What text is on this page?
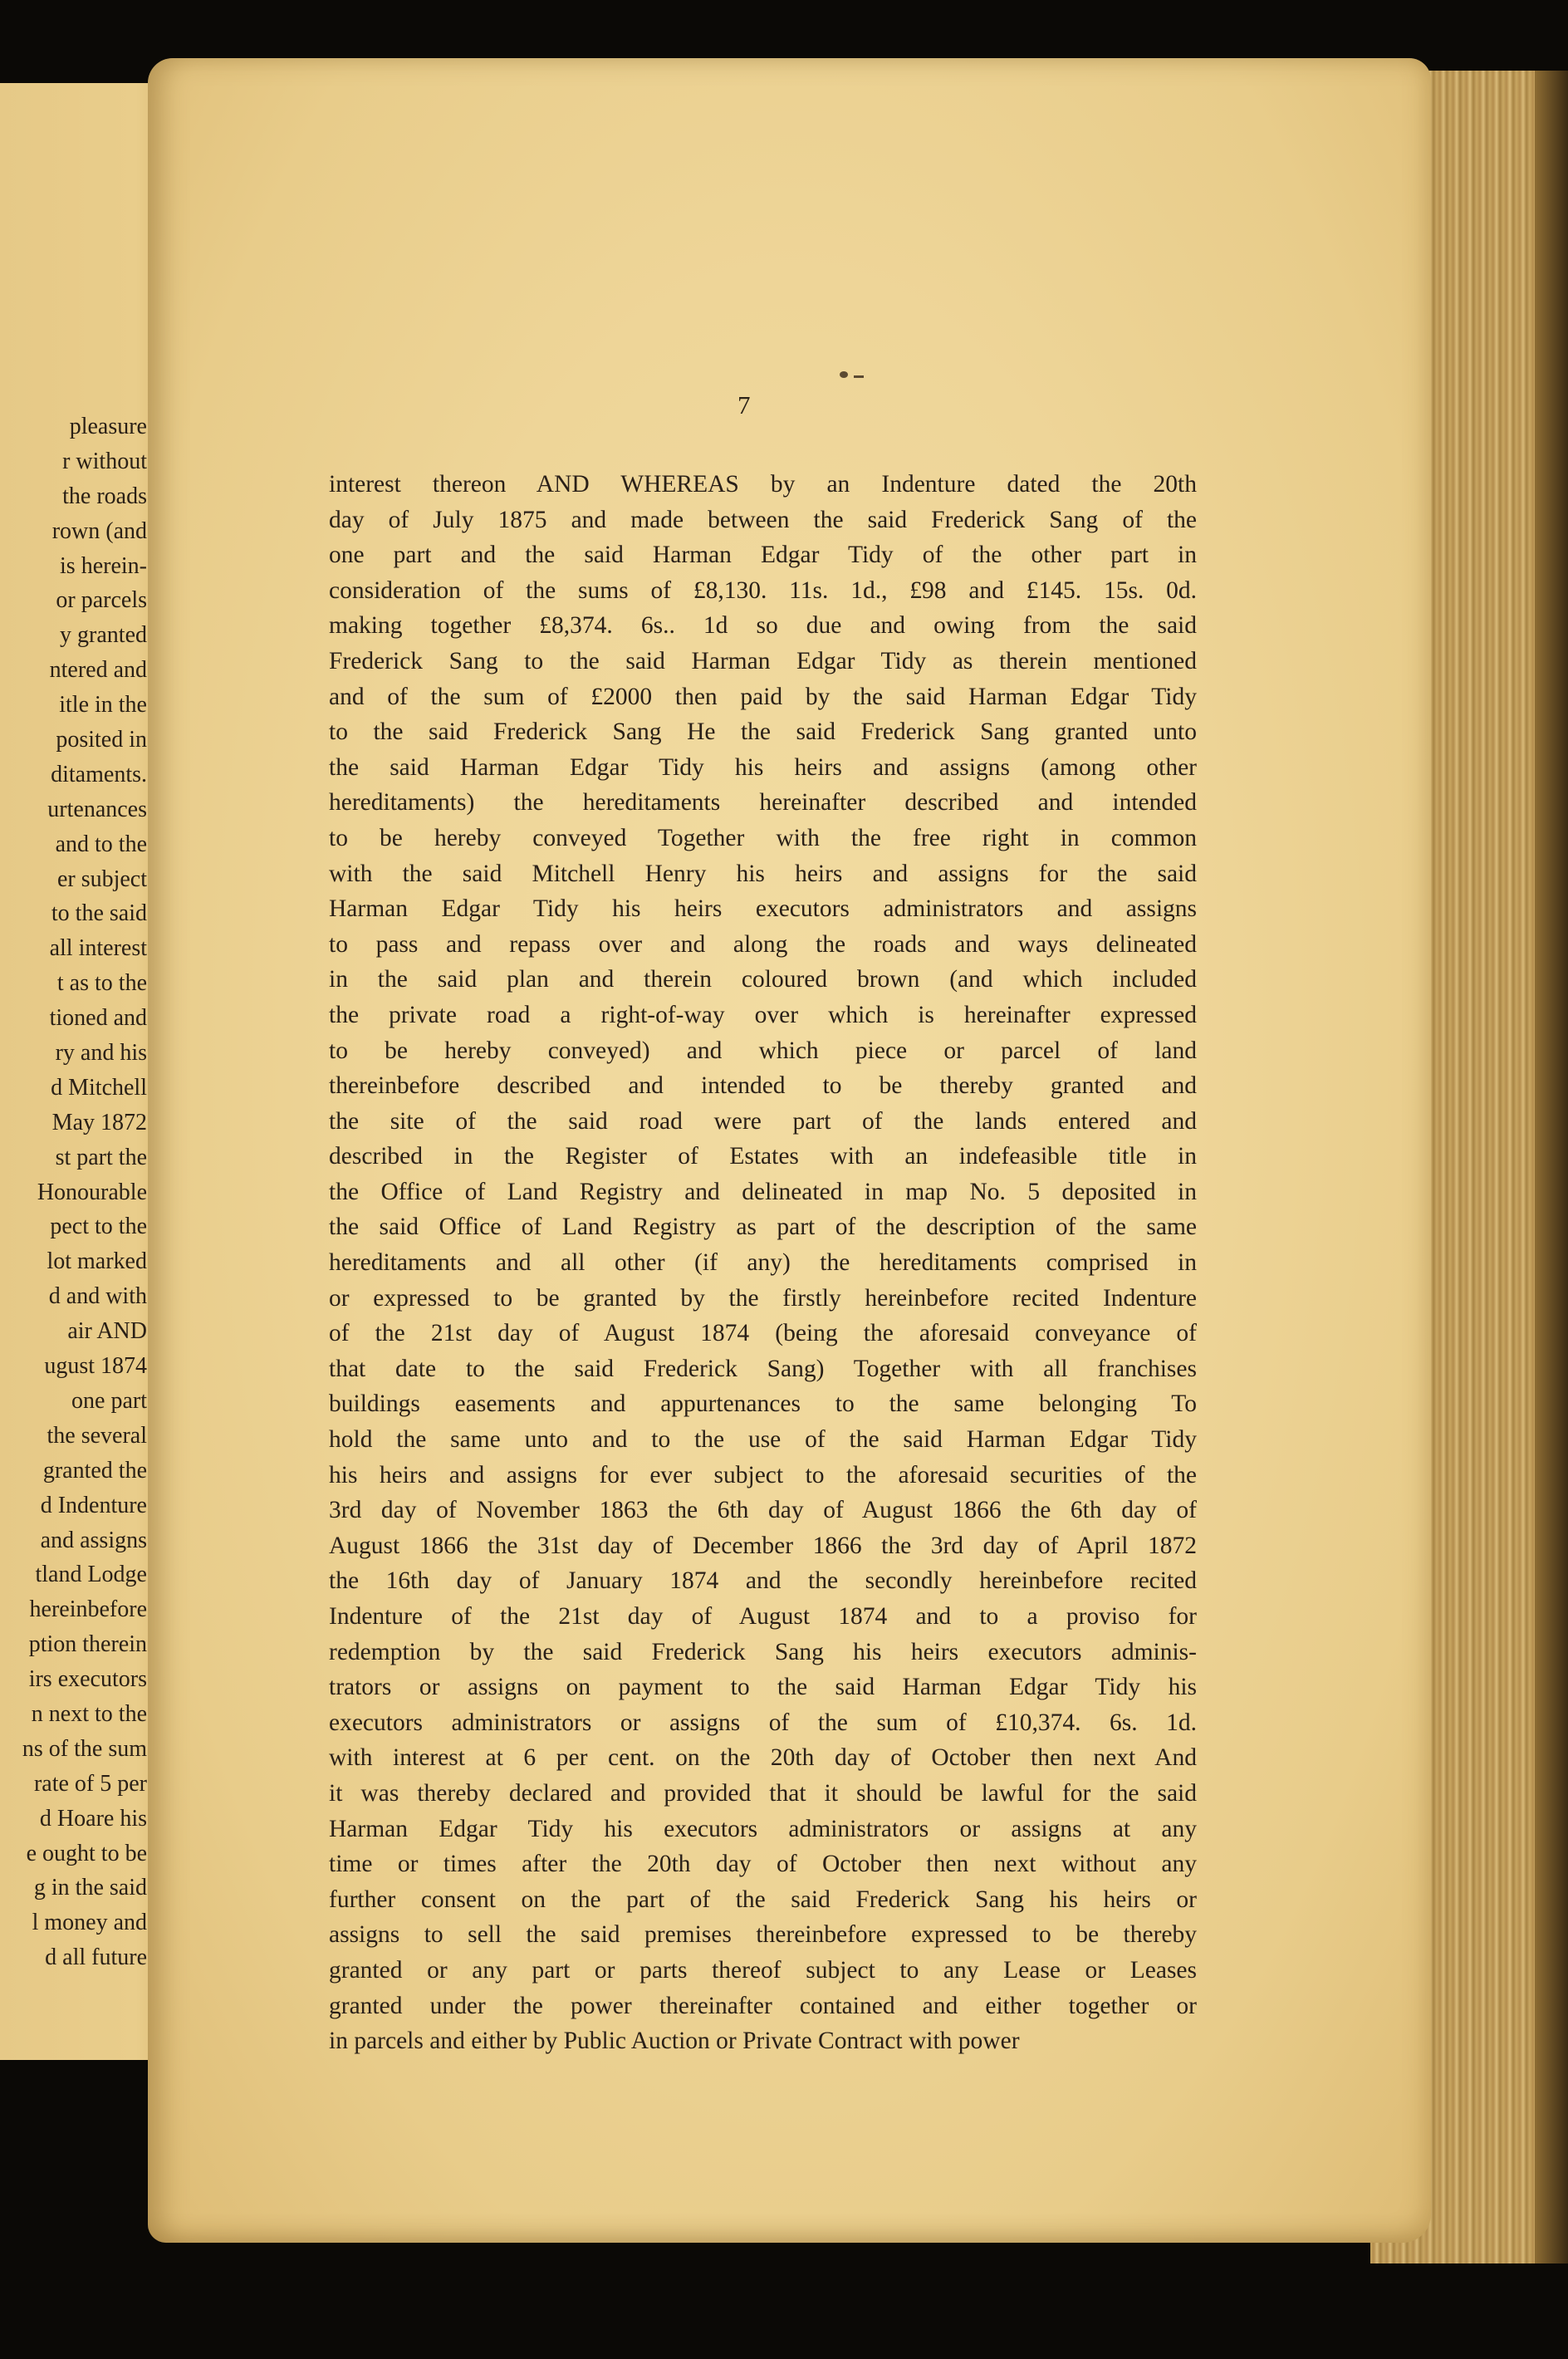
pleasure
r without
the roads
rown (and
is herein-
or parcels
y granted
ntered and
itle in the
posited in
ditaments.
urtenances
and to the
er subject
to the said
all interest
t as to the
tioned and
ry and his
d Mitchell
May 1872
st part the
Honourable
pect to the
lot marked
d and with
air AND
ugust 1874
one part
the several
granted the
d Indenture
and assigns
tland Lodge
hereinbefore
ption therein
irs executors
n next to the
ns of the sum
rate of 5 per
d Hoare his
e ought to be
g in the said
l money and
d all future
7
interest thereon AND WHEREAS by an Indenture dated the 20th
day of July 1875 and made between the said Frederick Sang of the
one part and the said Harman Edgar Tidy of the other part in
consideration of the sums of £8,130. 11s. 1d., £98 and £145. 15s. 0d.
making together £8,374. 6s.. 1d so due and owing from the said
Frederick Sang to the said Harman Edgar Tidy as therein mentioned
and of the sum of £2000 then paid by the said Harman Edgar Tidy
to the said Frederick Sang He the said Frederick Sang granted unto
the said Harman Edgar Tidy his heirs and assigns (among other
hereditaments) the hereditaments hereinafter described and intended
to be hereby conveyed Together with the free right in common
with the said Mitchell Henry his heirs and assigns for the said
Harman Edgar Tidy his heirs executors administrators and assigns
to pass and repass over and along the roads and ways delineated
in the said plan and therein coloured brown (and which included
the private road a right-of-way over which is hereinafter expressed
to be hereby conveyed) and which piece or parcel of land
thereinbefore described and intended to be thereby granted and
the site of the said road were part of the lands entered and
described in the Register of Estates with an indefeasible title in
the Office of Land Registry and delineated in map No. 5 deposited in
the said Office of Land Registry as part of the description of the same
hereditaments and all other (if any) the hereditaments comprised in
or expressed to be granted by the firstly hereinbefore recited Indenture
of the 21st day of August 1874 (being the aforesaid conveyance of
that date to the said Frederick Sang) Together with all franchises
buildings easements and appurtenances to the same belonging To
hold the same unto and to the use of the said Harman Edgar Tidy
his heirs and assigns for ever subject to the aforesaid securities of the
3rd day of November 1863 the 6th day of August 1866 the 6th day of
August 1866 the 31st day of December 1866 the 3rd day of April 1872
the 16th day of January 1874 and the secondly hereinbefore recited
Indenture of the 21st day of August 1874 and to a proviso for
redemption by the said Frederick Sang his heirs executors adminis-
trators or assigns on payment to the said Harman Edgar Tidy his
executors administrators or assigns of the sum of £10,374. 6s. 1d.
with interest at 6 per cent. on the 20th day of October then next And
it was thereby declared and provided that it should be lawful for the said
Harman Edgar Tidy his executors administrators or assigns at any
time or times after the 20th day of October then next without any
further consent on the part of the said Frederick Sang his heirs or
assigns to sell the said premises thereinbefore expressed to be thereby
granted or any part or parts thereof subject to any Lease or Leases
granted under the power thereinafter contained and either together or
in parcels and either by Public Auction or Private Contract with power
